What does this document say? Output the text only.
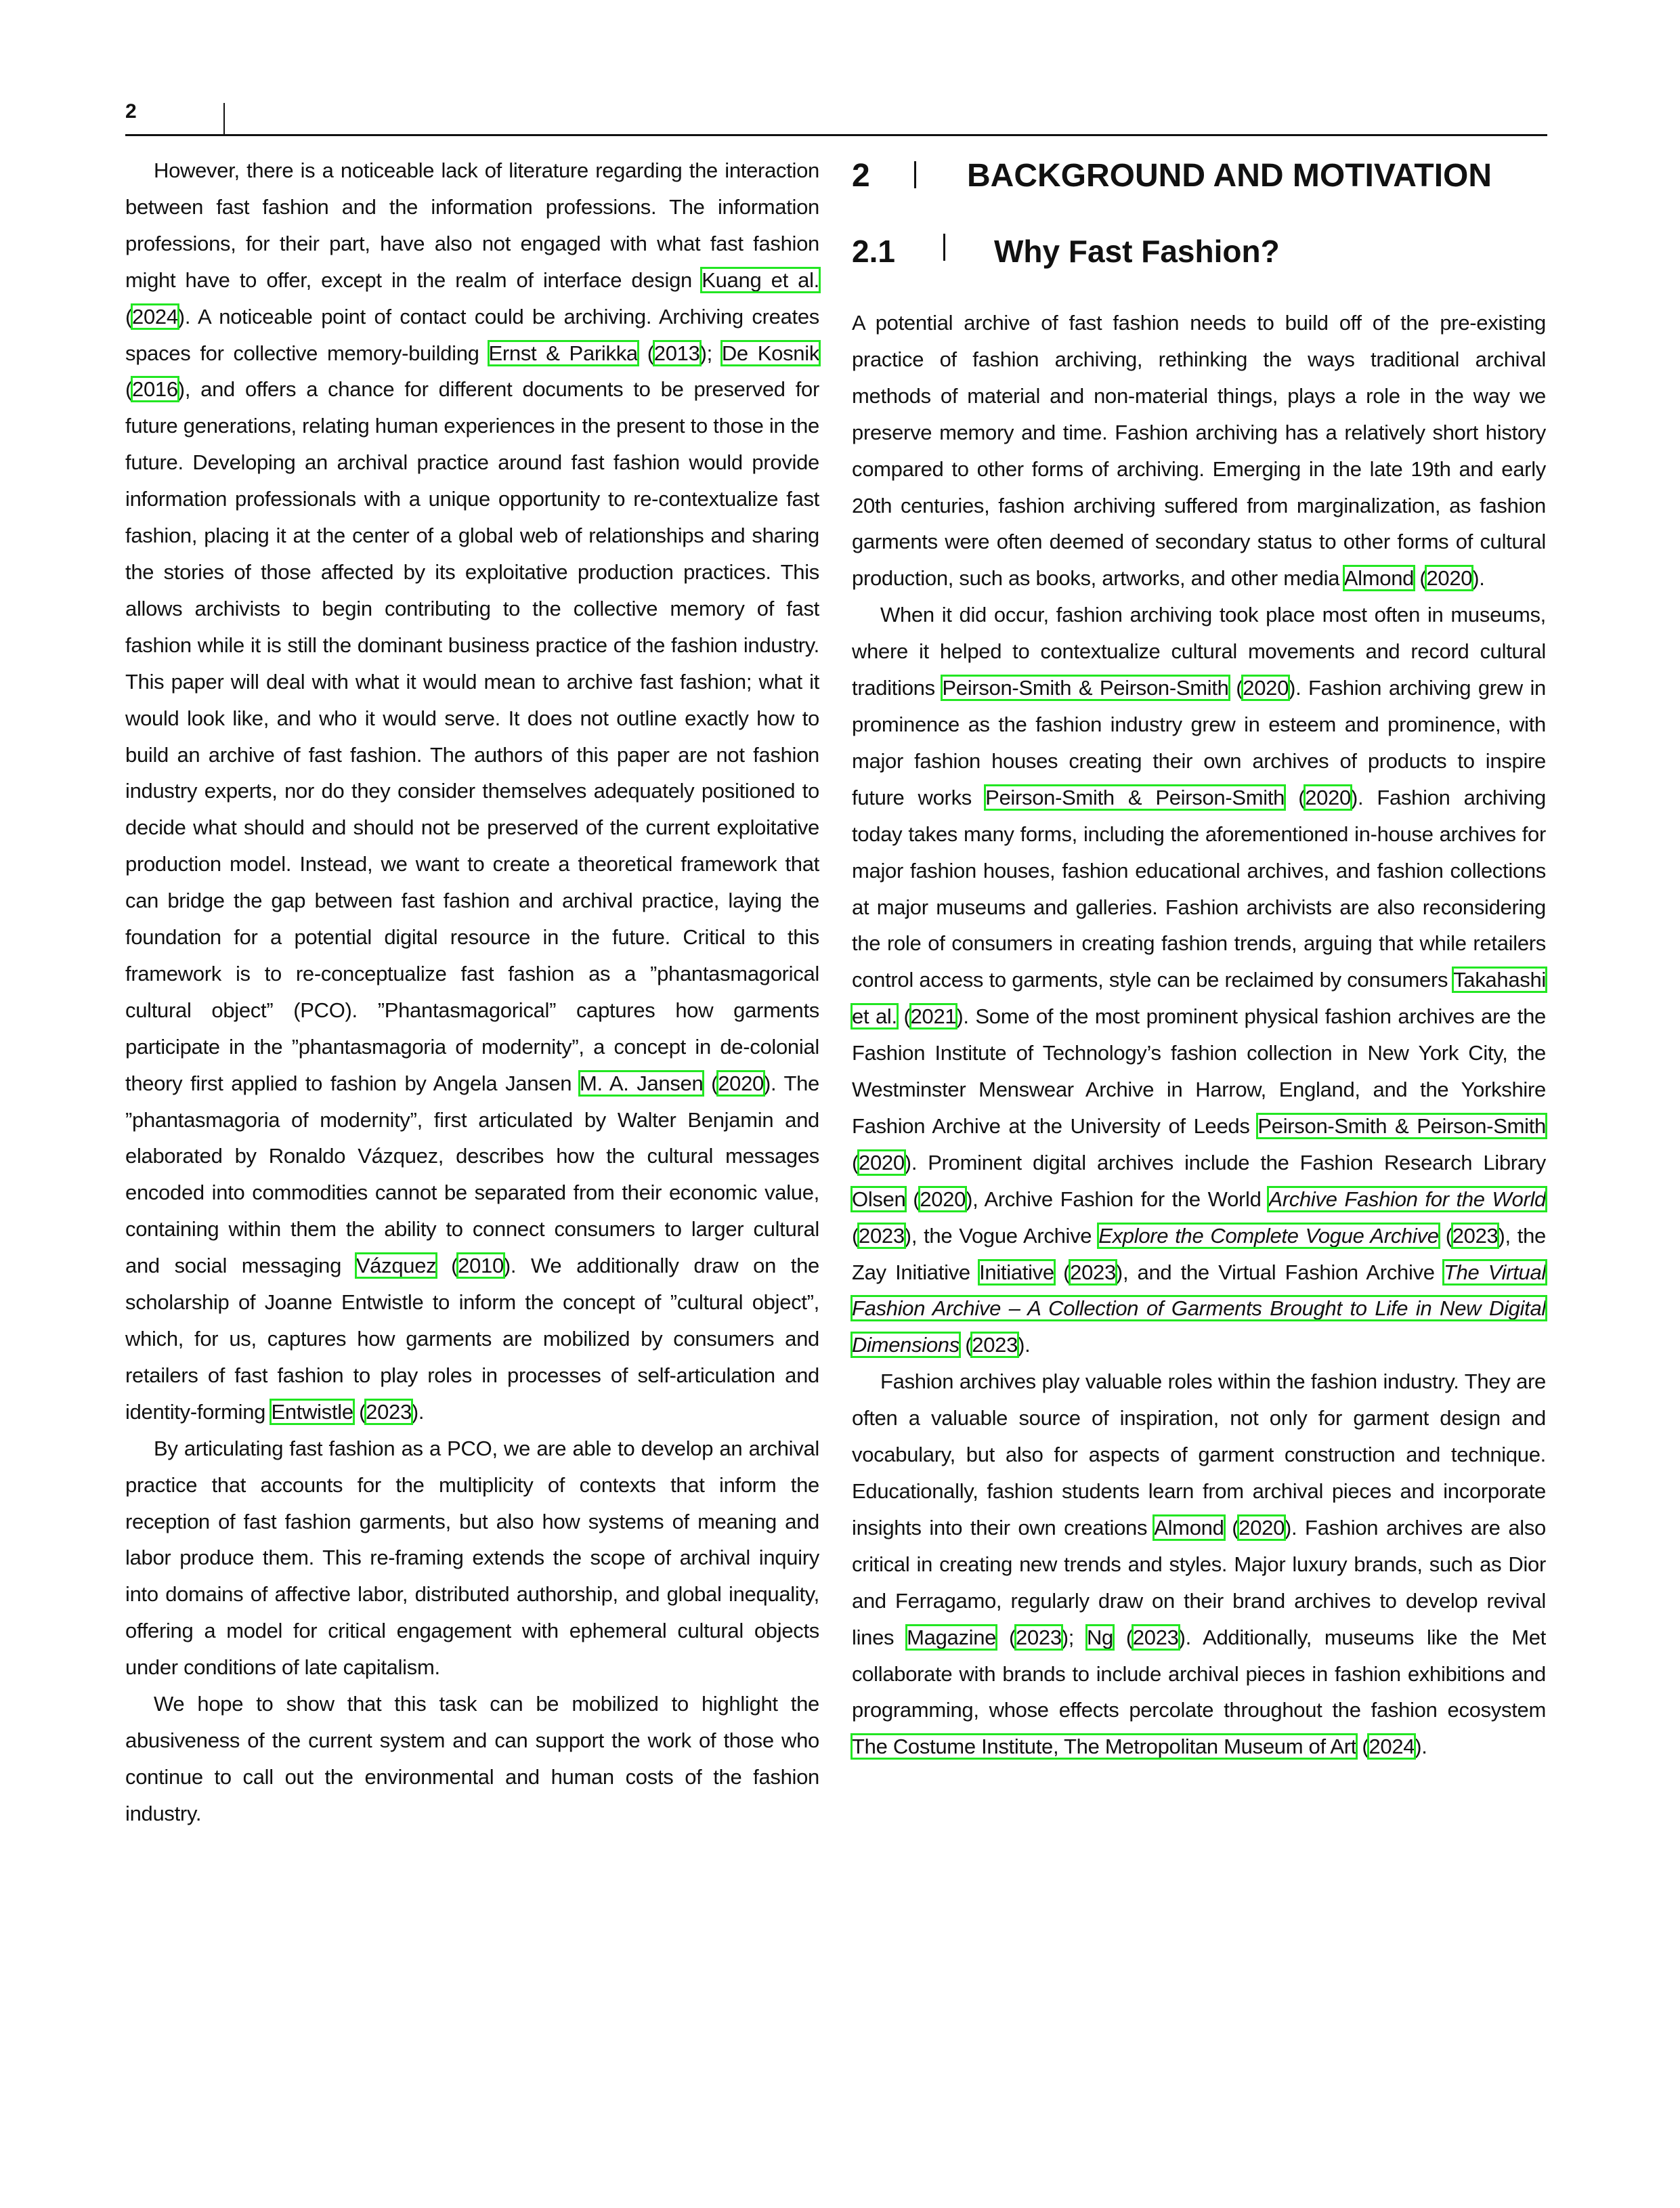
2

However, there is a noticeable lack of literature regarding the interaction between fast fashion and the information professions. The information professions, for their part, have also not engaged with what fast fashion might have to offer, except in the realm of interface design Kuang et al. (2024). A noticeable point of contact could be archiving. Archiving creates spaces for collective memory-building Ernst & Parikka (2013); De Kosnik (2016), and offers a chance for different documents to be preserved for future generations, relating human experiences in the present to those in the future. Developing an archival practice around fast fashion would provide information professionals with a unique opportunity to re-contextualize fast fashion, placing it at the center of a global web of relationships and sharing the stories of those affected by its exploitative production practices. This allows archivists to begin contributing to the collective memory of fast fashion while it is still the dominant business practice of the fashion industry. This paper will deal with what it would mean to archive fast fashion; what it would look like, and who it would serve. It does not outline exactly how to build an archive of fast fashion. The authors of this paper are not fashion industry experts, nor do they consider themselves adequately positioned to decide what should and should not be preserved of the current exploitative production model. Instead, we want to create a theoretical framework that can bridge the gap between fast fashion and archival practice, laying the foundation for a potential digital resource in the future. Critical to this framework is to re-conceptualize fast fashion as a ”phantasmagorical cultural object” (PCO). ”Phantasmagorical” captures how garments participate in the ”phantasmagoria of modernity”, a concept in de-colonial theory first applied to fashion by Angela Jansen M. A. Jansen (2020). The ”phantasmagoria of modernity”, first articulated by Walter Benjamin and elaborated by Ronaldo Vázquez, describes how the cultural messages encoded into commodities cannot be separated from their economic value, containing within them the ability to connect consumers to larger cultural and social messaging Vázquez (2010). We additionally draw on the scholarship of Joanne Entwistle to inform the concept of ”cultural object”, which, for us, captures how garments are mobilized by consumers and retailers of fast fashion to play roles in processes of self-articulation and identity-forming Entwistle (2023).

By articulating fast fashion as a PCO, we are able to develop an archival practice that accounts for the multiplicity of contexts that inform the reception of fast fashion garments, but also how systems of meaning and labor produce them. This re-framing extends the scope of archival inquiry into domains of affective labor, distributed authorship, and global inequality, offering a model for critical engagement with ephemeral cultural objects under conditions of late capitalism.

We hope to show that this task can be mobilized to highlight the abusiveness of the current system and can support the work of those who continue to call out the environmental and human costs of the fashion industry.

2	BACKGROUND AND MOTIVATION
2.1	Why Fast Fashion?

A potential archive of fast fashion needs to build off of the pre-existing practice of fashion archiving, rethinking the ways traditional archival methods of material and non-material things, plays a role in the way we preserve memory and time. Fashion archiving has a relatively short history compared to other forms of archiving. Emerging in the late 19th and early 20th centuries, fashion archiving suffered from marginalization, as fashion garments were often deemed of secondary status to other forms of cultural production, such as books, artworks, and other media Almond (2020).

When it did occur, fashion archiving took place most often in museums, where it helped to contextualize cultural movements and record cultural traditions Peirson-Smith & Peirson-Smith (2020). Fashion archiving grew in prominence as the fashion industry grew in esteem and prominence, with major fashion houses creating their own archives of products to inspire future works Peirson-Smith & Peirson-Smith (2020). Fashion archiving today takes many forms, including the aforementioned in-house archives for major fashion houses, fashion educational archives, and fashion collections at major museums and galleries. Fashion archivists are also reconsidering the role of consumers in creating fashion trends, arguing that while retailers control access to garments, style can be reclaimed by consumers Takahashi et al. (2021). Some of the most prominent physical fashion archives are the Fashion Institute of Technology’s fashion collection in New York City, the Westminster Menswear Archive in Harrow, England, and the Yorkshire Fashion Archive at the University of Leeds Peirson-Smith & Peirson-Smith (2020). Prominent digital archives include the Fashion Research Library Olsen (2020), Archive Fashion for the World Archive Fashion for the World (2023), the Vogue Archive Explore the Complete Vogue Archive (2023), the Zay Initiative Initiative (2023), and the Virtual Fashion Archive The Virtual Fashion Archive – A Collection of Garments Brought to Life in New Digital Dimensions (2023).

Fashion archives play valuable roles within the fashion industry. They are often a valuable source of inspiration, not only for garment design and vocabulary, but also for aspects of garment construction and technique. Educationally, fashion students learn from archival pieces and incorporate insights into their own creations Almond (2020). Fashion archives are also critical in creating new trends and styles. Major luxury brands, such as Dior and Ferragamo, regularly draw on their brand archives to develop revival lines Magazine (2023); Ng (2023). Additionally, museums like the Met collaborate with brands to include archival pieces in fashion exhibitions and programming, whose effects percolate throughout the fashion ecosystem The Costume Institute, The Metropolitan Museum of Art (2024).
